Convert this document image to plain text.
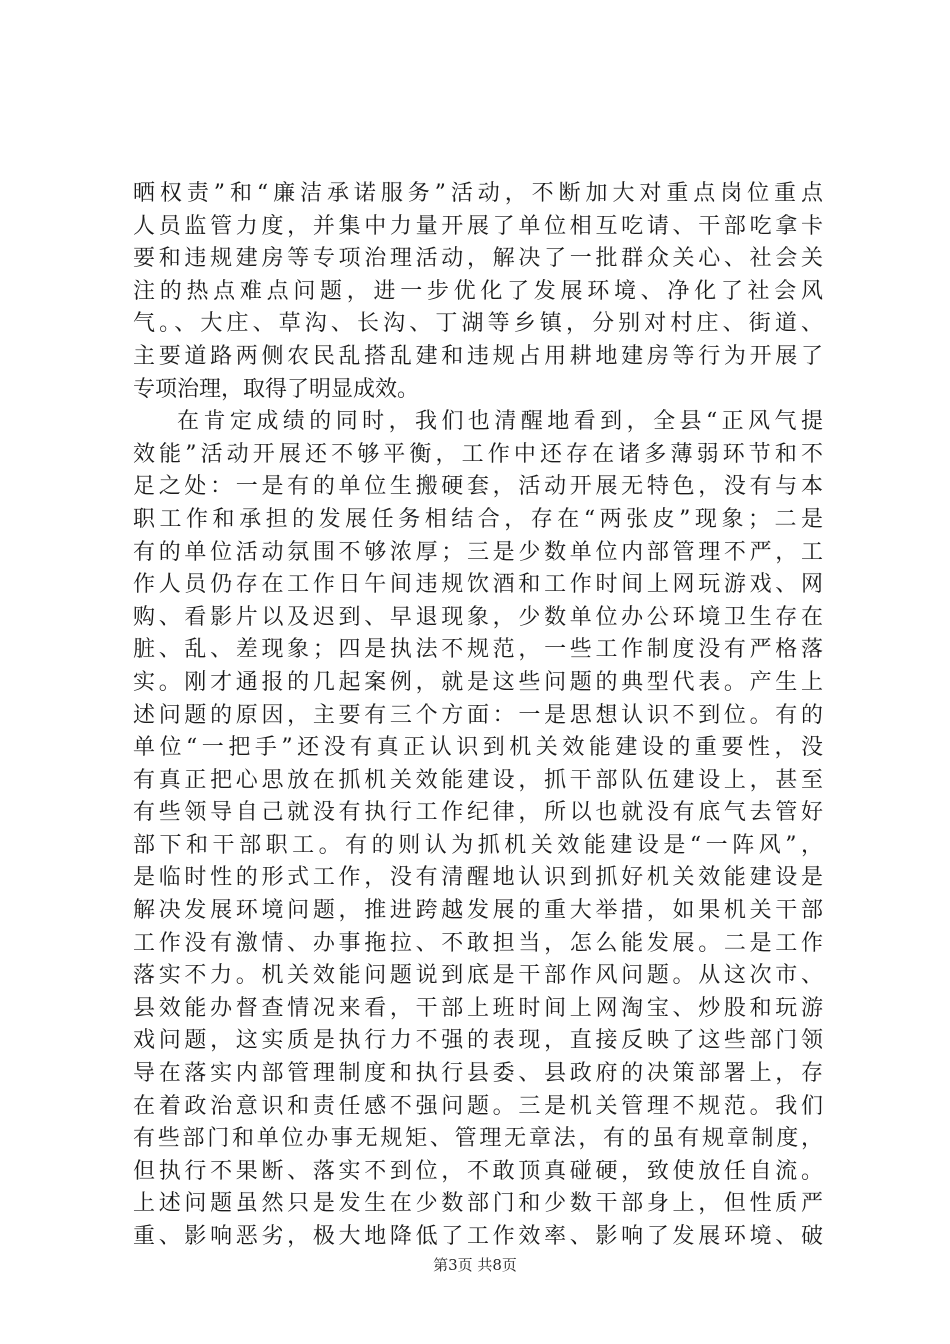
晒权责”和“廉洁承诺服务”活动，不断加大对重点岗位重点
人员监管力度，并集中力量开展了单位相互吃请、干部吃拿卡
要和违规建房等专项治理活动，解决了一批群众关心、社会关
注的热点难点问题，进一步优化了发展环境、净化了社会风
气。、大庄、草沟、长沟、丁湖等乡镇，分别对村庄、街道、
主要道路两侧农民乱搭乱建和违规占用耕地建房等行为开展了
专项治理，取得了明显成效。
在肯定成绩的同时，我们也清醒地看到，全县“正风气提
效能”活动开展还不够平衡，工作中还存在诸多薄弱环节和不
足之处：一是有的单位生搬硬套，活动开展无特色，没有与本
职工作和承担的发展任务相结合，存在“两张皮”现象；二是
有的单位活动氛围不够浓厚；三是少数单位内部管理不严，工
作人员仍存在工作日午间违规饮酒和工作时间上网玩游戏、网
购、看影片以及迟到、早退现象，少数单位办公环境卫生存在
脏、乱、差现象；四是执法不规范，一些工作制度没有严格落
实。刚才通报的几起案例，就是这些问题的典型代表。产生上
述问题的原因，主要有三个方面：一是思想认识不到位。有的
单位“一把手”还没有真正认识到机关效能建设的重要性，没
有真正把心思放在抓机关效能建设，抓干部队伍建设上，甚至
有些领导自己就没有执行工作纪律，所以也就没有底气去管好
部下和干部职工。有的则认为抓机关效能建设是“一阵风”，
是临时性的形式工作，没有清醒地认识到抓好机关效能建设是
解决发展环境问题，推进跨越发展的重大举措，如果机关干部
工作没有激情、办事拖拉、不敢担当，怎么能发展。二是工作
落实不力。机关效能问题说到底是干部作风问题。从这次市、
县效能办督查情况来看，干部上班时间上网淘宝、炒股和玩游
戏问题，这实质是执行力不强的表现，直接反映了这些部门领
导在落实内部管理制度和执行县委、县政府的决策部署上，存
在着政治意识和责任感不强问题。三是机关管理不规范。我们
有些部门和单位办事无规矩、管理无章法，有的虽有规章制度，
但执行不果断、落实不到位，不敢顶真碰硬，致使放任自流。
上述问题虽然只是发生在少数部门和少数干部身上，但性质严
重、影响恶劣，极大地降低了工作效率、影响了发展环境、破
第3页 共8页
